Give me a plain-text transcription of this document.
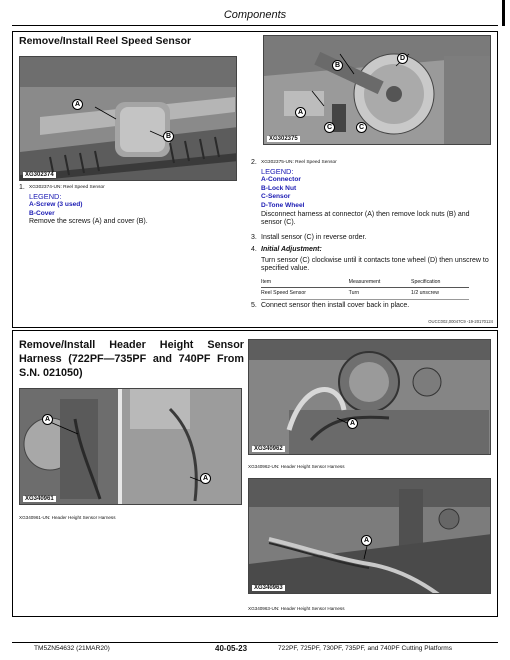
Components
Remove/Install Reel Speed Sensor
A
B
XG302374
A
B
C	C
D
XG302375
1. XG302374-UN: Reel Speed Sensor
LEGEND:
A-Screw (3 used)
B-Cover
Remove the screws (A) and cover (B).
2. XG302375-UN: Reel Speed Sensor
LEGEND:
A-Connector
B-Lock Nut
C-Sensor
D-Tone Wheel
Disconnect harness at connector (A) then remove lock nuts (B) and sensor (C).
3. Install sensor (C) in reverse order.
4. Initial Adjustment:
Turn sensor (C) clockwise until it contacts tone wheel (D) then unscrew to specified value.
Item	Measurement	Specification
Reel Speed Sensor	Turn	1/2 unscrew
5. Connect sensor then install cover back in place.
OUCC002,00047C9 -19-20170124
Remove/Install Header Height Sensor Harness (722PF—735PF and 740PF From S.N. 021050)
A
A
XG340961
XG340961-UN: Header Height Sensor Harness
A
XG340962
XG340962-UN: Header Height Sensor Harness
A
XG340963
XG340963-UN: Header Height Sensor Harness
TM5ZN54632 (21MAR20)	40-05-23	722PF, 725PF, 730PF, 735PF, and 740PF Cutting Platforms
